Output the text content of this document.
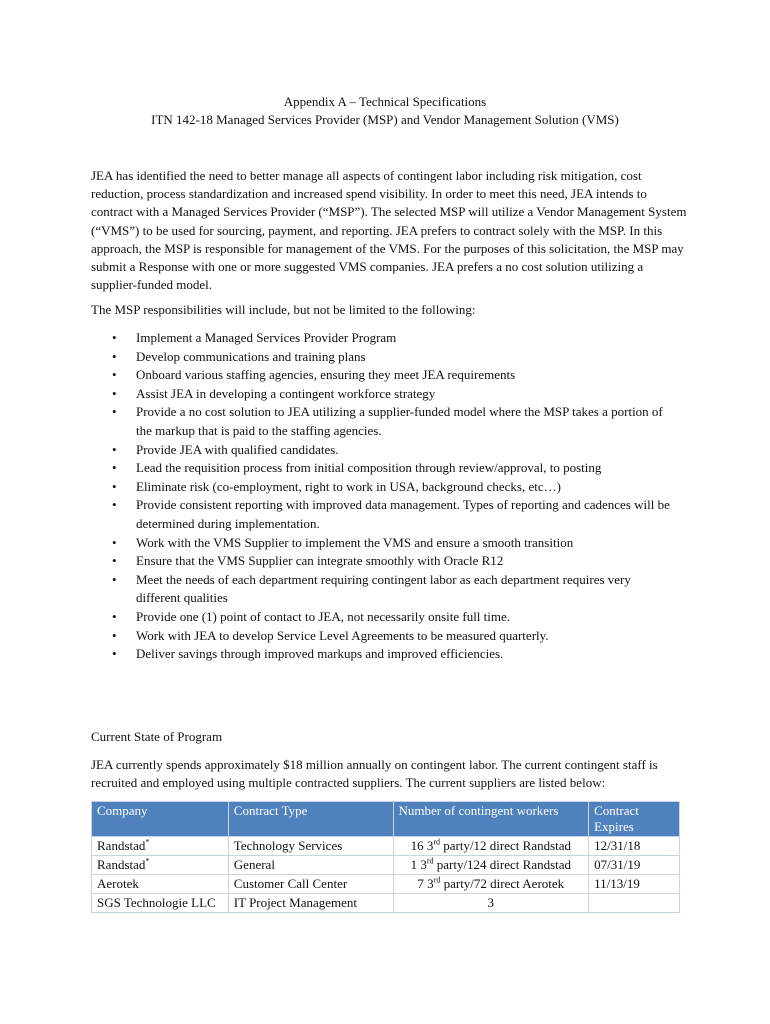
Appendix A – Technical Specifications
ITN 142-18 Managed Services Provider (MSP) and Vendor Management Solution (VMS)
JEA has identified the need to better manage all aspects of contingent labor including risk mitigation, cost reduction, process standardization and increased spend visibility. In order to meet this need, JEA intends to contract with a Managed Services Provider (“MSP”). The selected MSP will utilize a Vendor Management System (“VMS”) to be used for sourcing, payment, and reporting. JEA prefers to contract solely with the MSP. In this approach, the MSP is responsible for management of the VMS. For the purposes of this solicitation, the MSP may submit a Response with one or more suggested VMS companies. JEA prefers a no cost solution utilizing a supplier-funded model.
The MSP responsibilities will include, but not be limited to the following:
• Implement a Managed Services Provider Program
• Develop communications and training plans
• Onboard various staffing agencies, ensuring they meet JEA requirements
• Assist JEA in developing a contingent workforce strategy
• Provide a no cost solution to JEA utilizing a supplier-funded model where the MSP takes a portion of the markup that is paid to the staffing agencies.
• Provide JEA with qualified candidates.
• Lead the requisition process from initial composition through review/approval, to posting
• Eliminate risk (co-employment, right to work in USA, background checks, etc…)
• Provide consistent reporting with improved data management. Types of reporting and cadences will be determined during implementation.
• Work with the VMS Supplier to implement the VMS and ensure a smooth transition
• Ensure that the VMS Supplier can integrate smoothly with Oracle R12
• Meet the needs of each department requiring contingent labor as each department requires very different qualities
• Provide one (1) point of contact to JEA, not necessarily onsite full time.
• Work with JEA to develop Service Level Agreements to be measured quarterly.
• Deliver savings through improved markups and improved efficiencies.
Current State of Program
JEA currently spends approximately $18 million annually on contingent labor. The current contingent staff is recruited and employed using multiple contracted suppliers. The current suppliers are listed below:
Company	Contract Type	Number of contingent workers	Contract Expires
Randstad*	Technology Services	16 3rd party/12 direct Randstad	12/31/18
Randstad*	General	1 3rd party/124 direct Randstad	07/31/19
Aerotek	Customer Call Center	7 3rd party/72 direct Aerotek	11/13/19
SGS Technologie LLC	IT Project Management	3	
